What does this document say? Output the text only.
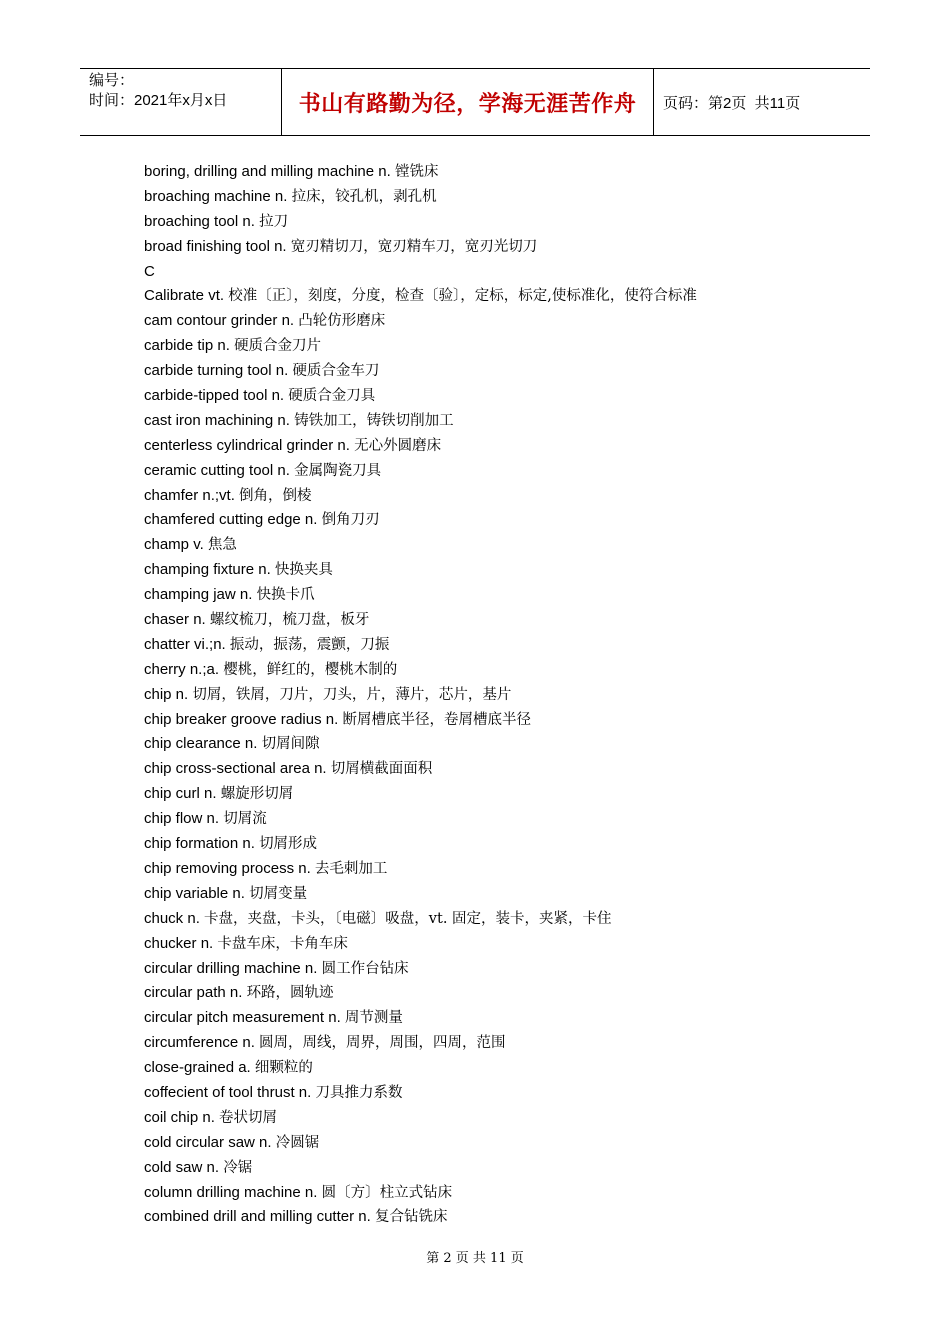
编号：
时间：2021年x月x日	书山有路勤为径，学海无涯苦作舟	页码：第2页  共11页
boring, drilling and milling machine n. 镗铣床
broaching machine n. 拉床，铰孔机，剥孔机
broaching tool n. 拉刀
broad finishing tool n. 宽刃精切刀，宽刃精车刀，宽刃光切刀
C
Calibrate vt. 校准〔正〕，刻度，分度，检查〔验〕，定标，标定,使标准化，使符合标准
cam contour grinder n. 凸轮仿形磨床
carbide tip n. 硬质合金刀片
carbide turning tool n. 硬质合金车刀
carbide-tipped tool n. 硬质合金刀具
cast iron machining n. 铸铁加工，铸铁切削加工
centerless cylindrical grinder n. 无心外圆磨床
ceramic cutting tool n. 金属陶瓷刀具
chamfer n.;vt. 倒角，倒棱
chamfered cutting edge n. 倒角刀刃
champ v. 焦急
champing fixture n. 快换夹具
champing jaw n. 快换卡爪
chaser n. 螺纹梳刀，梳刀盘，板牙
chatter vi.;n. 振动，振荡，震颤，刀振
cherry n.;a. 樱桃，鲜红的，樱桃木制的
chip n. 切屑，铁屑，刀片，刀头，片，薄片，芯片，基片
chip breaker groove radius n. 断屑槽底半径，卷屑槽底半径
chip clearance n. 切屑间隙
chip cross-sectional area n. 切屑横截面面积
chip curl n. 螺旋形切屑
chip flow n. 切屑流
chip formation n. 切屑形成
chip removing process n. 去毛刺加工
chip variable n. 切屑变量
chuck n. 卡盘，夹盘，卡头，〔电磁〕吸盘，vt. 固定，装卡，夹紧，卡住
chucker n. 卡盘车床，卡角车床
circular drilling machine n. 圆工作台钻床
circular path n. 环路，圆轨迹
circular pitch measurement n. 周节测量
circumference n. 圆周，周线，周界，周围，四周，范围
close-grained a. 细颗粒的
coffecient of tool thrust n. 刀具推力系数
coil chip n. 卷状切屑
cold circular saw n. 冷圆锯
cold saw n. 冷锯
column drilling machine n. 圆〔方〕柱立式钻床
combined drill and milling cutter n. 复合钻铣床
第 2 页 共 11 页
